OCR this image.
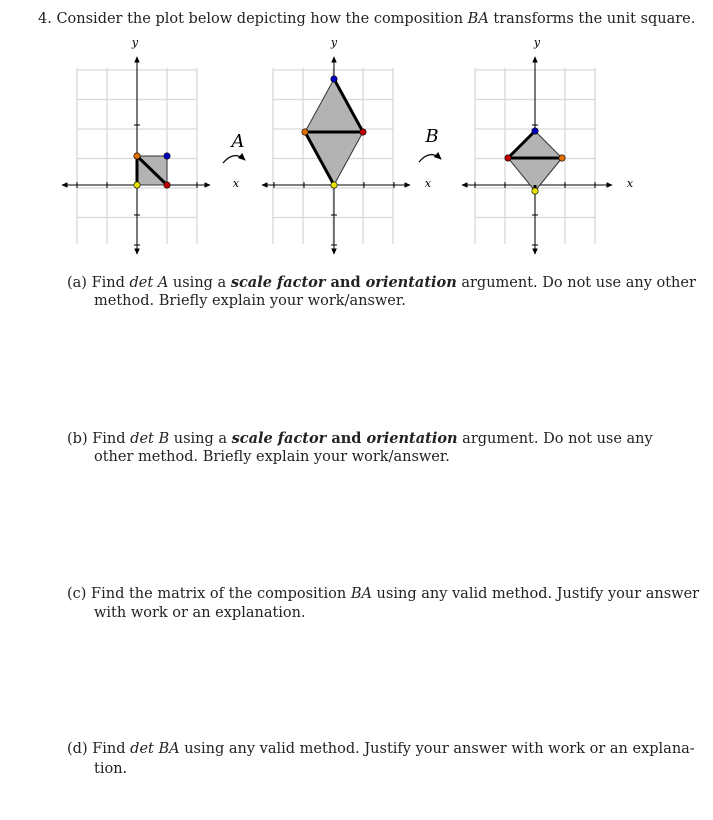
4. Consider the plot below depicting how the composition BA transforms the unit square.
y
x
y
x
y
x
A	B
(a) Find det A using a scale factor and orientation argument. Do not use any other
method. Briefly explain your work/answer.
(b) Find det B using a scale factor and orientation argument. Do not use any
other method. Briefly explain your work/answer.
(c) Find the matrix of the composition BA using any valid method. Justify your answer
with work or an explanation.
(d) Find det BA using any valid method. Justify your answer with work or an explana-
tion.
